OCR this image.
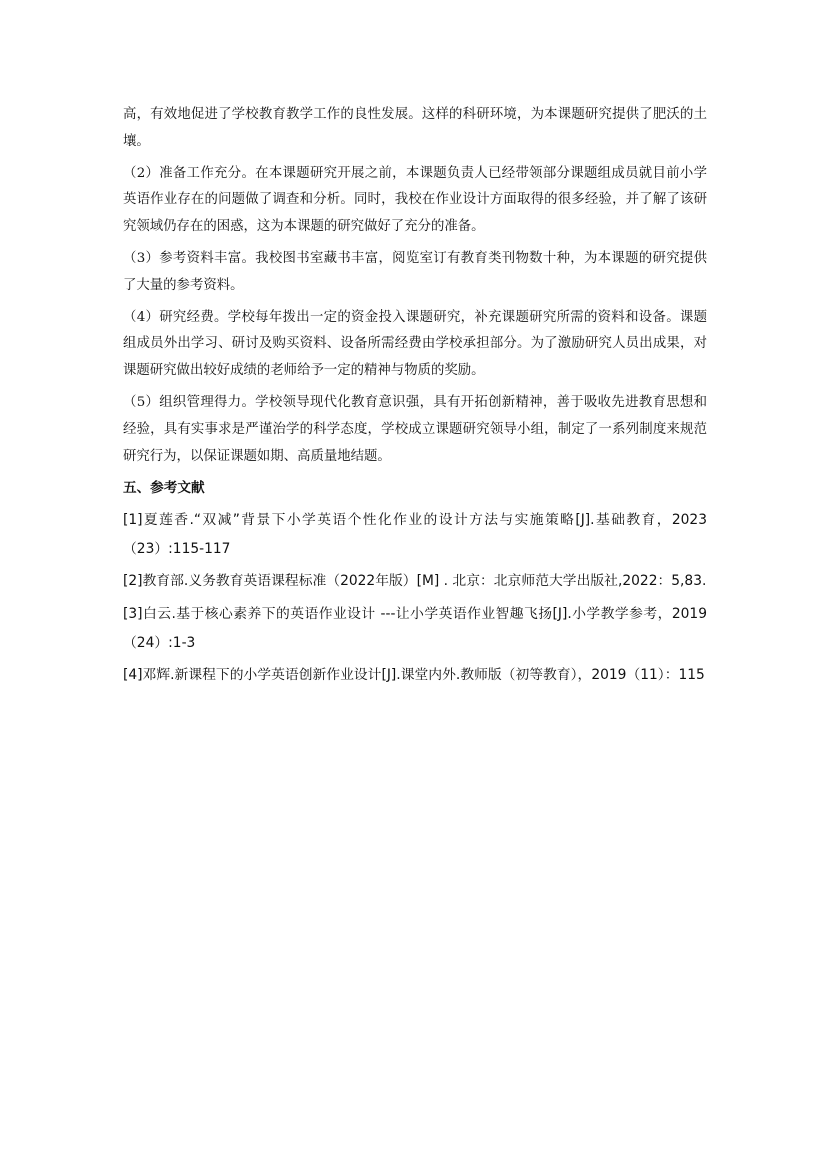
高，有效地促进了学校教育教学工作的良性发展。这样的科研环境，为本课题研究提供了肥沃的土壤。

（2）准备工作充分。在本课题研究开展之前，本课题负责人已经带领部分课题组成员就目前小学英语作业存在的问题做了调查和分析。同时，我校在作业设计方面取得的很多经验，并了解了该研究领域仍存在的困惑，这为本课题的研究做好了充分的准备。

（3）参考资料丰富。我校图书室藏书丰富，阅览室订有教育类刊物数十种，为本课题的研究提供了大量的参考资料。

（4）研究经费。学校每年拨出一定的资金投入课题研究，补充课题研究所需的资料和设备。课题组成员外出学习、研讨及购买资料、设备所需经费由学校承担部分。为了激励研究人员出成果，对课题研究做出较好成绩的老师给予一定的精神与物质的奖励。

（5）组织管理得力。学校领导现代化教育意识强，具有开拓创新精神，善于吸收先进教育思想和经验，具有实事求是严谨治学的科学态度，学校成立课题研究领导小组，制定了一系列制度来规范研究行为，以保证课题如期、高质量地结题。

五、参考文献

[1]夏莲香.“双减”背景下小学英语个性化作业的设计方法与实施策略[J].基础教育，2023（23）:115-117

[2]教育部.义务教育英语课程标准（2022年版）[M] . 北京：北京师范大学出版社,2022：5,83.

[3]白云.基于核心素养下的英语作业设计 ---让小学英语作业智趣飞扬[J].小学教学参考，2019（24）:1-3

[4]邓辉.新课程下的小学英语创新作业设计[J].课堂内外.教师版（初等教育），2019（11）：115
